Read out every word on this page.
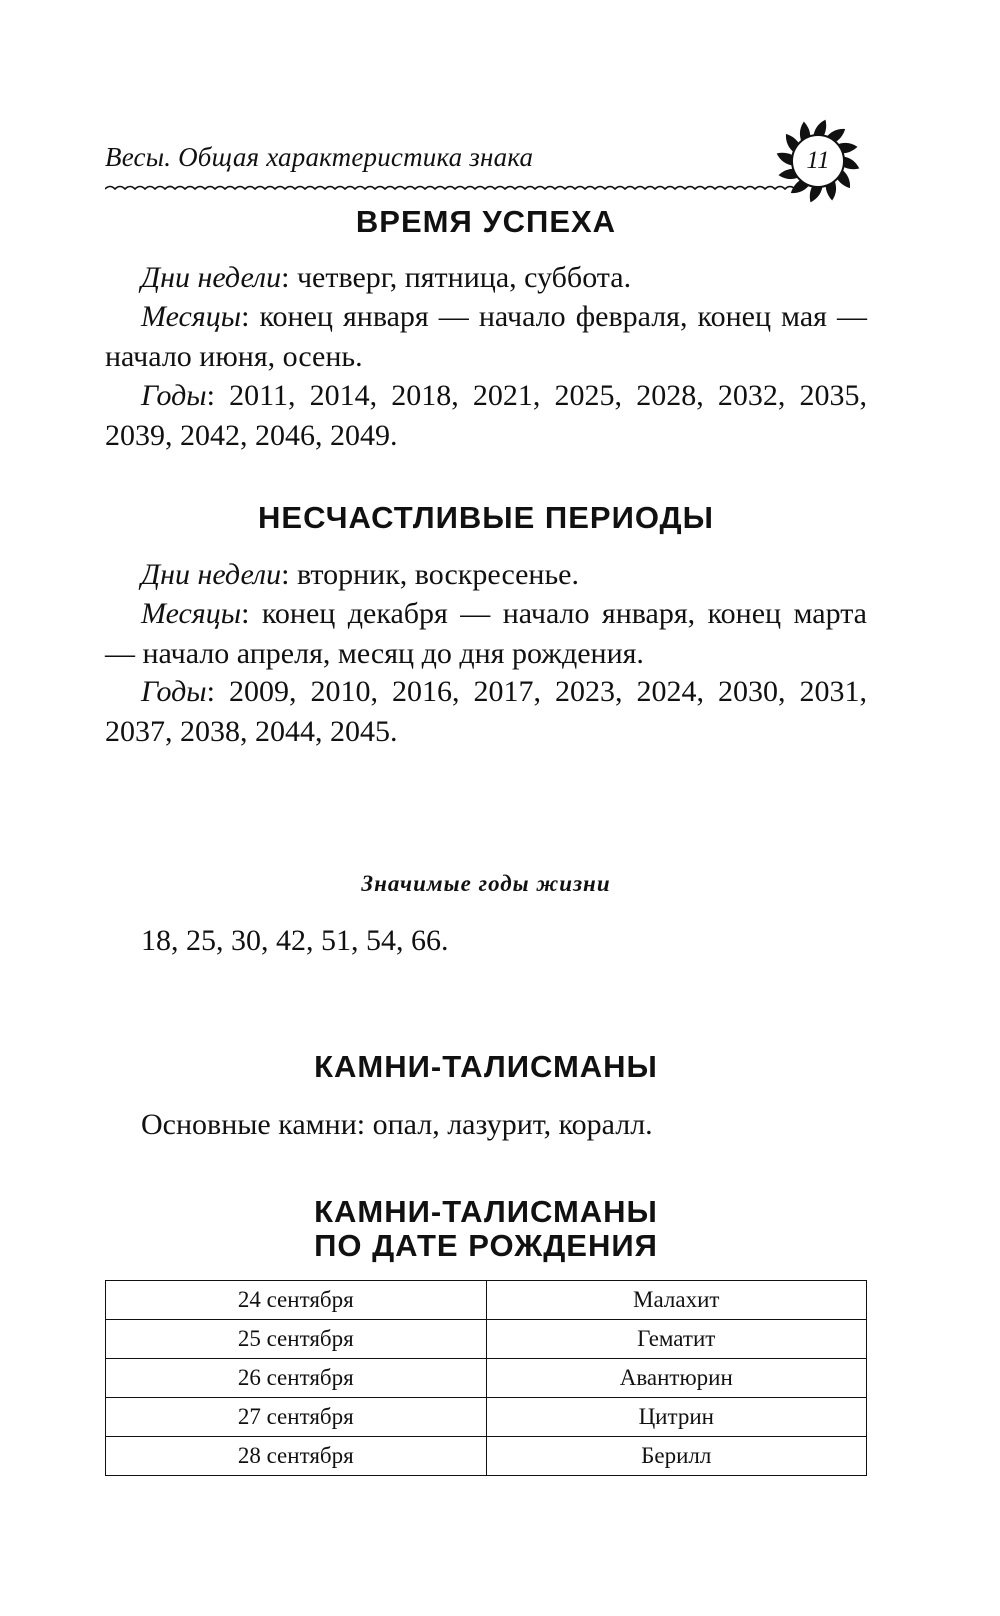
Весы. Общая характеристика знака	11
ВРЕМЯ УСПЕХА
Дни недели: четверг, пятница, суббота.
Месяцы: конец января — начало февраля, конец мая — начало июня, осень.
Годы: 2011, 2014, 2018, 2021, 2025, 2028, 2032, 2035, 2039, 2042, 2046, 2049.
НЕСЧАСТЛИВЫЕ ПЕРИОДЫ
Дни недели: вторник, воскресенье.
Месяцы: конец декабря — начало января, конец марта — начало апреля, месяц до дня рождения.
Годы: 2009, 2010, 2016, 2017, 2023, 2024, 2030, 2031, 2037, 2038, 2044, 2045.
Значимые годы жизни
18, 25, 30, 42, 51, 54, 66.
КАМНИ-ТАЛИСМАНЫ
Основные камни: опал, лазурит, коралл.
КАМНИ-ТАЛИСМАНЫ
ПО ДАТЕ РОЖДЕНИЯ
24 сентября	Малахит
25 сентября	Гематит
26 сентября	Авантюрин
27 сентября	Цитрин
28 сентября	Берилл
